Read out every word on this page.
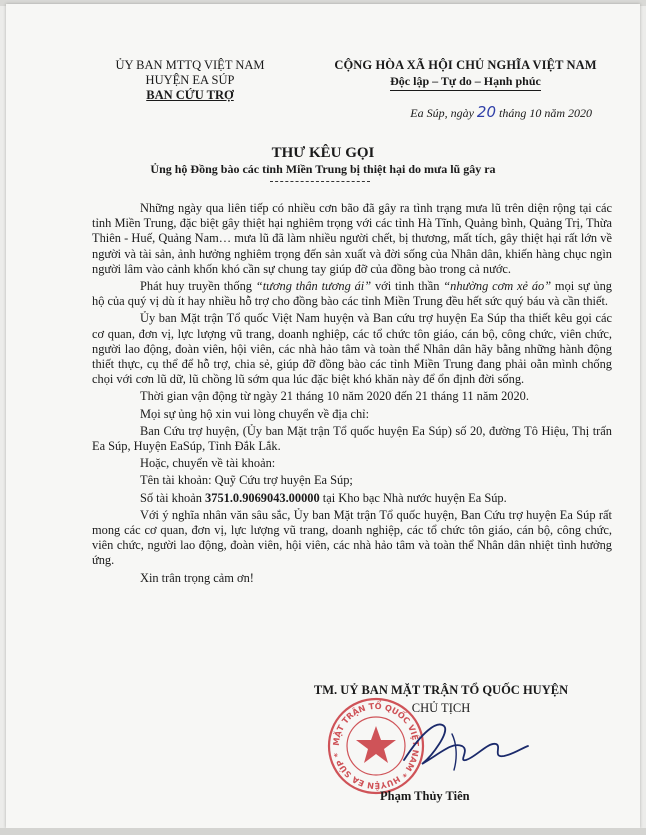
ỦY BAN MTTQ VIỆT NAM
HUYỆN EA SÚP
BAN CỨU TRỢ
CỘNG HÒA XÃ HỘI CHỦ NGHĨA VIỆT NAM
Độc lập – Tự do – Hạnh phúc
Ea Súp, ngày 20 tháng 10 năm 2020
THƯ KÊU GỌI
Ủng hộ Đồng bào các tỉnh Miền Trung bị thiệt hại do mưa lũ gây ra

Những ngày qua liên tiếp có nhiều cơn bão đã gây ra tình trạng mưa lũ trên diện rộng tại các tỉnh Miền Trung, đặc biệt gây thiệt hại nghiêm trọng với các tỉnh Hà Tĩnh, Quảng bình, Quảng Trị, Thừa Thiên - Huế, Quảng Nam… mưa lũ đã làm nhiều người chết, bị thương, mất tích, gây thiệt hại rất lớn về người và tài sản, ảnh hưởng nghiêm trọng đến sản xuất và đời sống của Nhân dân, khiến hàng chục ngìn người lâm vào cảnh khốn khó cần sự chung tay giúp đỡ của đồng bào trong cả nước.

Phát huy truyền thống “tương thân tương ái” với tinh thần “nhường cơm xẻ áo” mọi sự ủng hộ của quý vị dù ít hay nhiều hỗ trợ cho đồng bào các tỉnh Miền Trung đều hết sức quý báu và cần thiết.

Ủy ban Mặt trận Tổ quốc Việt Nam huyện và Ban cứu trợ huyện Ea Súp tha thiết kêu gọi các cơ quan, đơn vị, lực lượng vũ trang, doanh nghiệp, các tổ chức tôn giáo, cán bộ, công chức, viên chức, người lao động, đoàn viên, hội viên, các nhà hảo tâm và toàn thể Nhân dân hãy bằng những hành động thiết thực, cụ thể để hỗ trợ, chia sẻ, giúp đỡ đồng bào các tỉnh Miền Trung đang phải oằn mình chống chọi với cơn lũ dữ, lũ chồng lũ sớm qua lúc đặc biệt khó khăn này để ổn định đời sống.

Thời gian vận động từ ngày 21 tháng 10 năm 2020 đến 21 tháng 11 năm 2020.

Mọi sự ủng hộ xin vui lòng chuyển về địa chỉ:

Ban Cứu trợ huyện, (Ủy ban Mặt trận Tổ quốc huyện Ea Súp) số 20, đường Tô Hiệu, Thị trấn Ea Súp, Huyện EaSúp, Tỉnh Đắk Lắk.

Hoặc, chuyển về tài khoản:

Tên tài khoản: Quỹ Cứu trợ huyện Ea Súp;

Số tài khoản 3751.0.9069043.00000 tại Kho bạc Nhà nước huyện Ea Súp.

Với ý nghĩa nhân văn sâu sắc, Ủy ban Mặt trận Tổ quốc huyện, Ban Cứu trợ huyện Ea Súp rất mong các cơ quan, đơn vị, lực lượng vũ trang, doanh nghiệp, các tổ chức tôn giáo, cán bộ, công chức, viên chức, người lao động, đoàn viên, hội viên, các nhà hảo tâm và toàn thể Nhân dân nhiệt tình hưởng ứng.

Xin trân trọng cảm ơn!

TM. UỶ BAN MẶT TRẬN TỔ QUỐC HUYỆN
CHỦ TỊCH
MẶT TRẬN TỔ QUỐC VIỆT NAM * HUYỆN EA SÚP *
Phạm Thủy Tiên
